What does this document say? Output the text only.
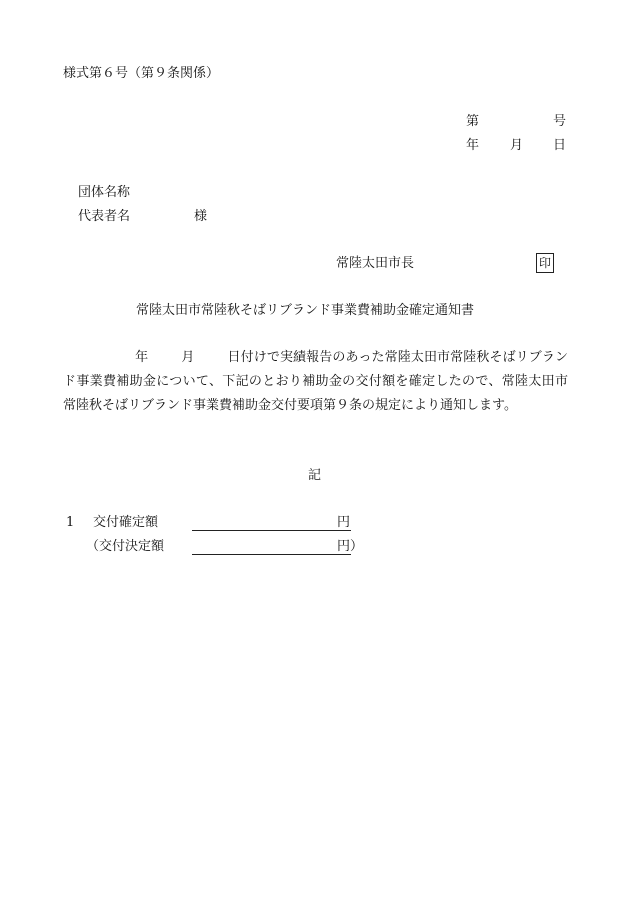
様式第６号（第９条関係）
第	号
年 月 日
団体名称
代表者名	様
常陸太田市長	印
常陸太田市常陸秋そばリブランド事業費補助金確定通知書
年	月	日付けで実績報告のあった常陸太田市常陸秋そばリブランド事業費補助金について、下記のとおり補助金の交付額を確定したので、常陸太田市常陸秋そばリブランド事業費補助金交付要項第９条の規定により通知します。
記
1 交付確定額	円
（交付決定額	円）
